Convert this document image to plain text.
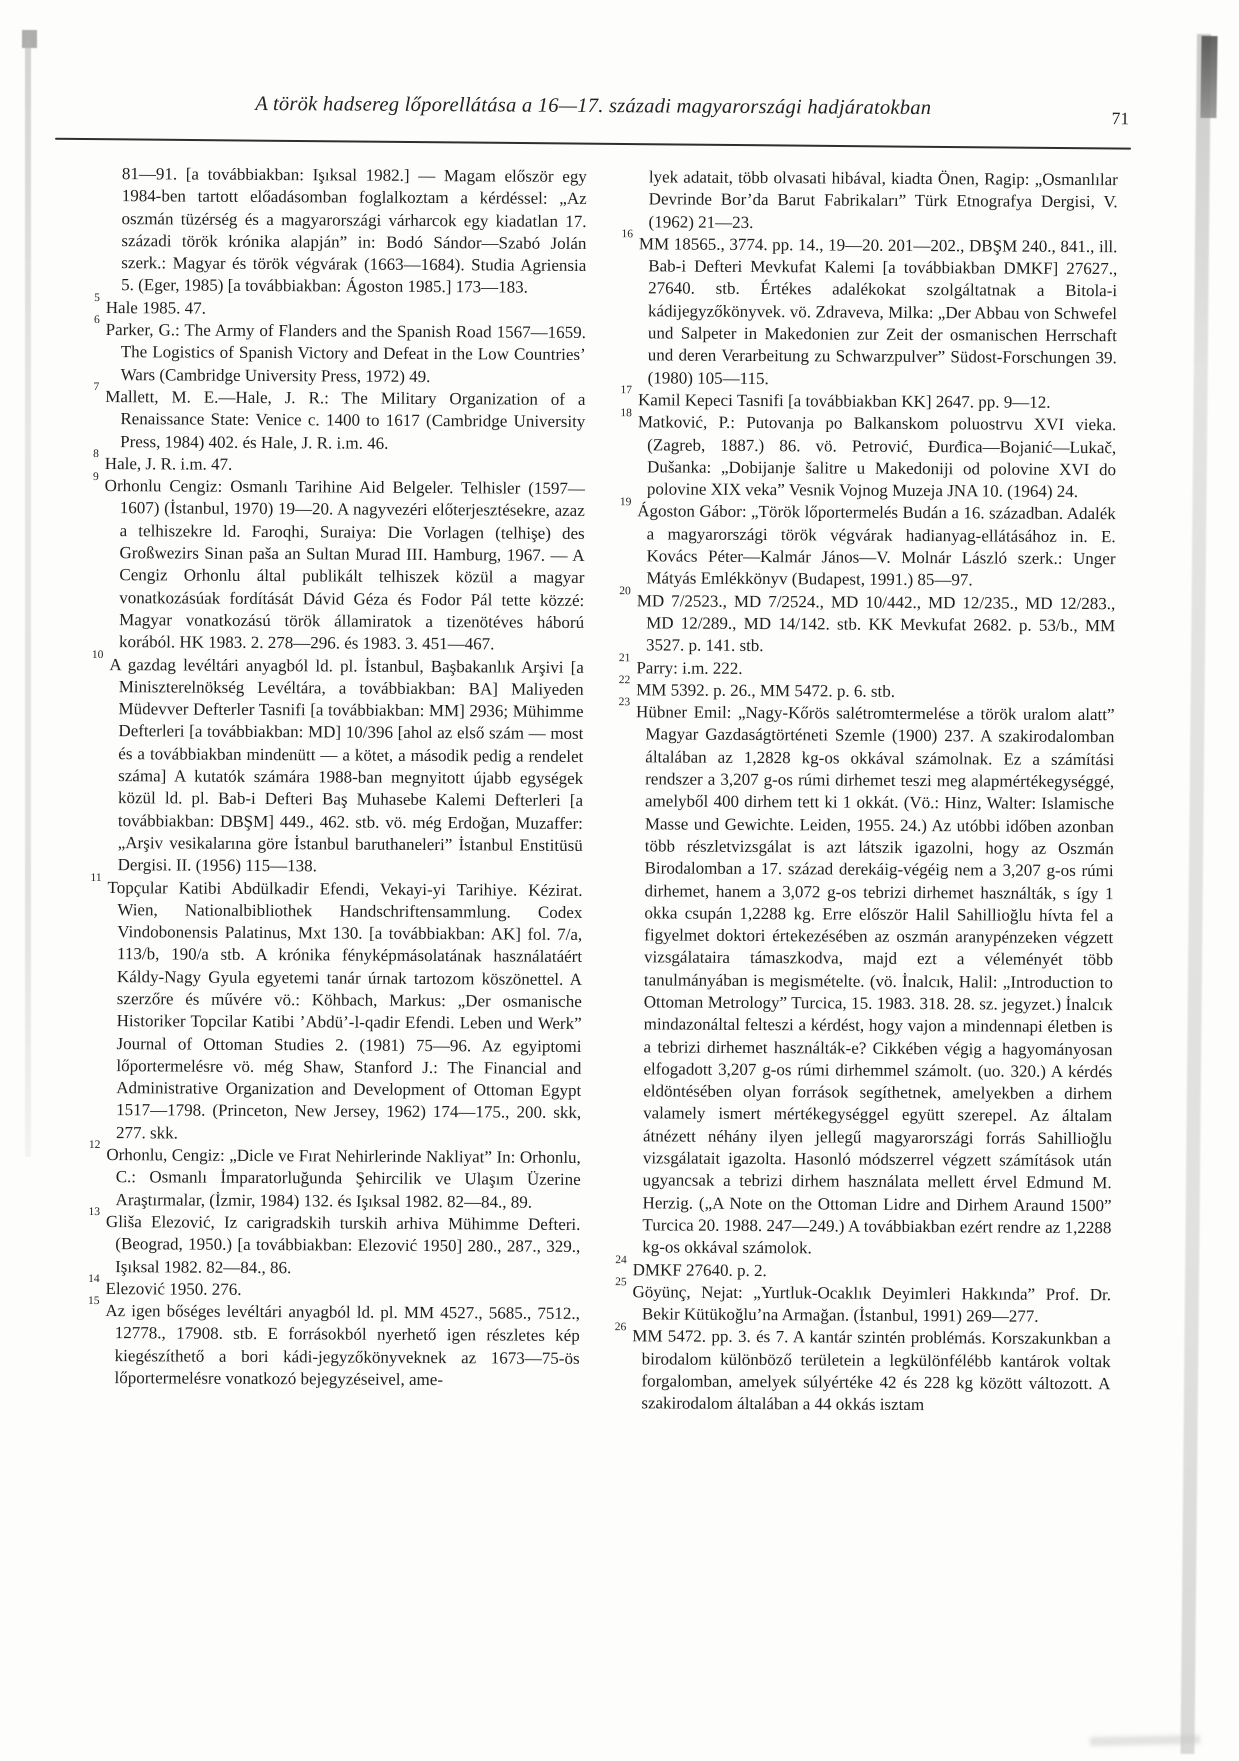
A török hadsereg lőporellátása a 16—17. századi magyarországi hadjáratokban	71
81—91. [a továbbiakban: Işıksal 1982.] — Magam először egy 1984-ben tartott előadásomban foglalkoztam a kérdéssel: „Az oszmán tüzérség és a magyarországi várharcok egy kiadatlan 17. századi török krónika alapján” in: Bodó Sándor—Szabó Jolán szerk.: Magyar és török végvárak (1663—1684). Studia Agriensia 5. (Eger, 1985) [a továbbiakban: Ágoston 1985.] 173—183.
$^5$ Hale 1985. 47.
$^6$ Parker, G.: The Army of Flanders and the Spanish Road 1567—1659. The Logistics of Spanish Victory and Defeat in the Low Countries’ Wars (Cambridge University Press, 1972) 49.
$^7$ Mallett, M. E.—Hale, J. R.: The Military Organization of a Renaissance State: Venice c. 1400 to 1617 (Cambridge University Press, 1984) 402. és Hale, J. R. i.m. 46.
$^8$ Hale, J. R. i.m. 47.
$^9$ Orhonlu Cengiz: Osmanlı Tarihine Aid Belgeler. Telhisler (1597—1607) (İstanbul, 1970) 19—20. A nagyvezéri előterjesztésekre, azaz a telhiszekre ld. Faroqhi, Suraiya: Die Vorlagen (telhişe) des Großwezirs Sinan paša an Sultan Murad III. Hamburg, 1967. — A Cengiz Orhonlu által publikált telhiszek közül a magyar vonatkozásúak fordítását Dávid Géza és Fodor Pál tette közzé: Magyar vonatkozású török államiratok a tizenötéves háború korából. HK 1983. 2. 278—296. és 1983. 3. 451—467.
$^{10}$ A gazdag levéltári anyagból ld. pl. İstanbul, Başbakanlık Arşivi [a Miniszterelnökség Levéltára, a továbbiakban: BA] Maliyeden Müdevver Defterler Tasnifi [a továbbiakban: MM] 2936; Mühimme Defterleri [a továbbiakban: MD] 10/396 [ahol az első szám — most és a továbbiakban mindenütt — a kötet, a második pedig a rendelet száma] A kutatók számára 1988-ban megnyitott újabb egységek közül ld. pl. Bab-i Defteri Baş Muhasebe Kalemi Defterleri [a továbbiakban: DBŞM] 449., 462. stb. vö. még Erdoğan, Muzaffer: „Arşiv vesikalarına göre İstanbul baruthaneleri” İstanbul Enstitüsü Dergisi. II. (1956) 115—138.
$^{11}$ Topçular Katibi Abdülkadir Efendi, Vekayi-yi Tarihiye. Kézirat. Wien, Nationalbibliothek Handschriftensammlung. Codex Vindobonensis Palatinus, Mxt 130. [a továbbiakban: AK] fol. 7/a, 113/b, 190/a stb. A krónika fényképmásolatának használatáért Káldy-Nagy Gyula egyetemi tanár úrnak tartozom köszönettel. A szerzőre és művére vö.: Köhbach, Markus: „Der osmanische Historiker Topcilar Katibi ’Abdü’-l-qadir Efendi. Leben und Werk” Journal of Ottoman Studies 2. (1981) 75—96. Az egyiptomi lőportermelésre vö. még Shaw, Stanford J.: The Financial and Administrative Organization and Development of Ottoman Egypt 1517—1798. (Princeton, New Jersey, 1962) 174—175., 200. skk, 277. skk.
$^{12}$ Orhonlu, Cengiz: „Dicle ve Fırat Nehirlerinde Nakliyat” In: Orhonlu, C.: Osmanlı İmparatorluğunda Şehircilik ve Ulaşım Üzerine Araştırmalar, (İzmir, 1984) 132. és Işıksal 1982. 82—84., 89.
$^{13}$ Gliša Elezović, Iz carigradskih turskih arhiva Mühimme Defteri. (Beograd, 1950.) [a továbbiakban: Elezović 1950] 280., 287., 329., Işıksal 1982. 82—84., 86.
$^{14}$ Elezović 1950. 276.
$^{15}$ Az igen bőséges levéltári anyagból ld. pl. MM 4527., 5685., 7512., 12778., 17908. stb. E forrásokból nyerhető igen részletes kép kiegészíthető a bori kádi-jegyzőkönyveknek az 1673—75-ös lőportermelésre vonatkozó bejegyzéseivel, ame-
lyek adatait, több olvasati hibával, kiadta Önen, Ragip: „Osmanlılar Devrinde Bor’da Barut Fabrikaları” Türk Etnografya Dergisi, V. (1962) 21—23.
$^{16}$ MM 18565., 3774. pp. 14., 19—20. 201—202., DBŞM 240., 841., ill. Bab-i Defteri Mevkufat Kalemi [a továbbiakban DMKF] 27627., 27640. stb. Értékes adalékokat szolgáltatnak a Bitola-i kádijegyzőkönyvek. vö. Zdraveva, Milka: „Der Abbau von Schwefel und Salpeter in Makedonien zur Zeit der osmanischen Herrschaft und deren Verarbeitung zu Schwarzpulver” Südost-Forschungen 39. (1980) 105—115.
$^{17}$ Kamil Kepeci Tasnifi [a továbbiakban KK] 2647. pp. 9—12.
$^{18}$ Matković, P.: Putovanja po Balkanskom poluostrvu XVI vieka. (Zagreb, 1887.) 86. vö. Petrović, Đurđica—Bojanić—Lukač, Dušanka: „Dobijanje šalitre u Makedoniji od polovine XVI do polovine XIX veka” Vesnik Vojnog Muzeja JNA 10. (1964) 24.
$^{19}$ Ágoston Gábor: „Török lőportermelés Budán a 16. században. Adalék a magyarországi török végvárak hadianyag-ellátásához in. E. Kovács Péter—Kalmár János—V. Molnár László szerk.: Unger Mátyás Emlékkönyv (Budapest, 1991.) 85—97.
$^{20}$ MD 7/2523., MD 7/2524., MD 10/442., MD 12/235., MD 12/283., MD 12/289., MD 14/142. stb. KK Mevkufat 2682. p. 53/b., MM 3527. p. 141. stb.
$^{21}$ Parry: i.m. 222.
$^{22}$ MM 5392. p. 26., MM 5472. p. 6. stb.
$^{23}$ Hübner Emil: „Nagy-Kőrös salétromtermelése a török uralom alatt” Magyar Gazdaságtörténeti Szemle (1900) 237. A szakirodalomban általában az 1,2828 kg-os okkával számolnak. Ez a számítási rendszer a 3,207 g-os rúmi dirhemet teszi meg alapmértékegységgé, amelyből 400 dirhem tett ki 1 okkát. (Vö.: Hinz, Walter: Islamische Masse und Gewichte. Leiden, 1955. 24.) Az utóbbi időben azonban több részletvizsgálat is azt látszik igazolni, hogy az Oszmán Birodalomban a 17. század derekáig-végéig nem a 3,207 g-os rúmi dirhemet, hanem a 3,072 g-os tebrizi dirhemet használták, s így 1 okka csupán 1,2288 kg. Erre először Halil Sahillioğlu hívta fel a figyelmet doktori értekezésében az oszmán aranypénzeken végzett vizsgálataira támaszkodva, majd ezt a véleményét több tanulmányában is megismételte. (vö. İnalcık, Halil: „Introduction to Ottoman Metrology” Turcica, 15. 1983. 318. 28. sz. jegyzet.) İnalcık mindazonáltal felteszi a kérdést, hogy vajon a mindennapi életben is a tebrizi dirhemet használták-e? Cikkében végig a hagyományosan elfogadott 3,207 g-os rúmi dirhemmel számolt. (uo. 320.) A kérdés eldöntésében olyan források segíthetnek, amelyekben a dirhem valamely ismert mértékegységgel együtt szerepel. Az általam átnézett néhány ilyen jellegű magyarországi forrás Sahillioğlu vizsgálatait igazolta. Hasonló módszerrel végzett számítások után ugyancsak a tebrizi dirhem használata mellett érvel Edmund M. Herzig. („A Note on the Ottoman Lidre and Dirhem Araund 1500” Turcica 20. 1988. 247—249.) A továbbiakban ezért rendre az 1,2288 kg-os okkával számolok.
$^{24}$ DMKF 27640. p. 2.
$^{25}$ Göyünç, Nejat: „Yurtluk-Ocaklık Deyimleri Hakkında” Prof. Dr. Bekir Kütükoğlu’na Armağan. (İstanbul, 1991) 269—277.
$^{26}$ MM 5472. pp. 3. és 7. A kantár szintén problémás. Korszakunkban a birodalom különböző területein a legkülönfélébb kantárok voltak forgalomban, amelyek súlyértéke 42 és 228 kg között változott. A szakirodalom általában a 44 okkás isztam
